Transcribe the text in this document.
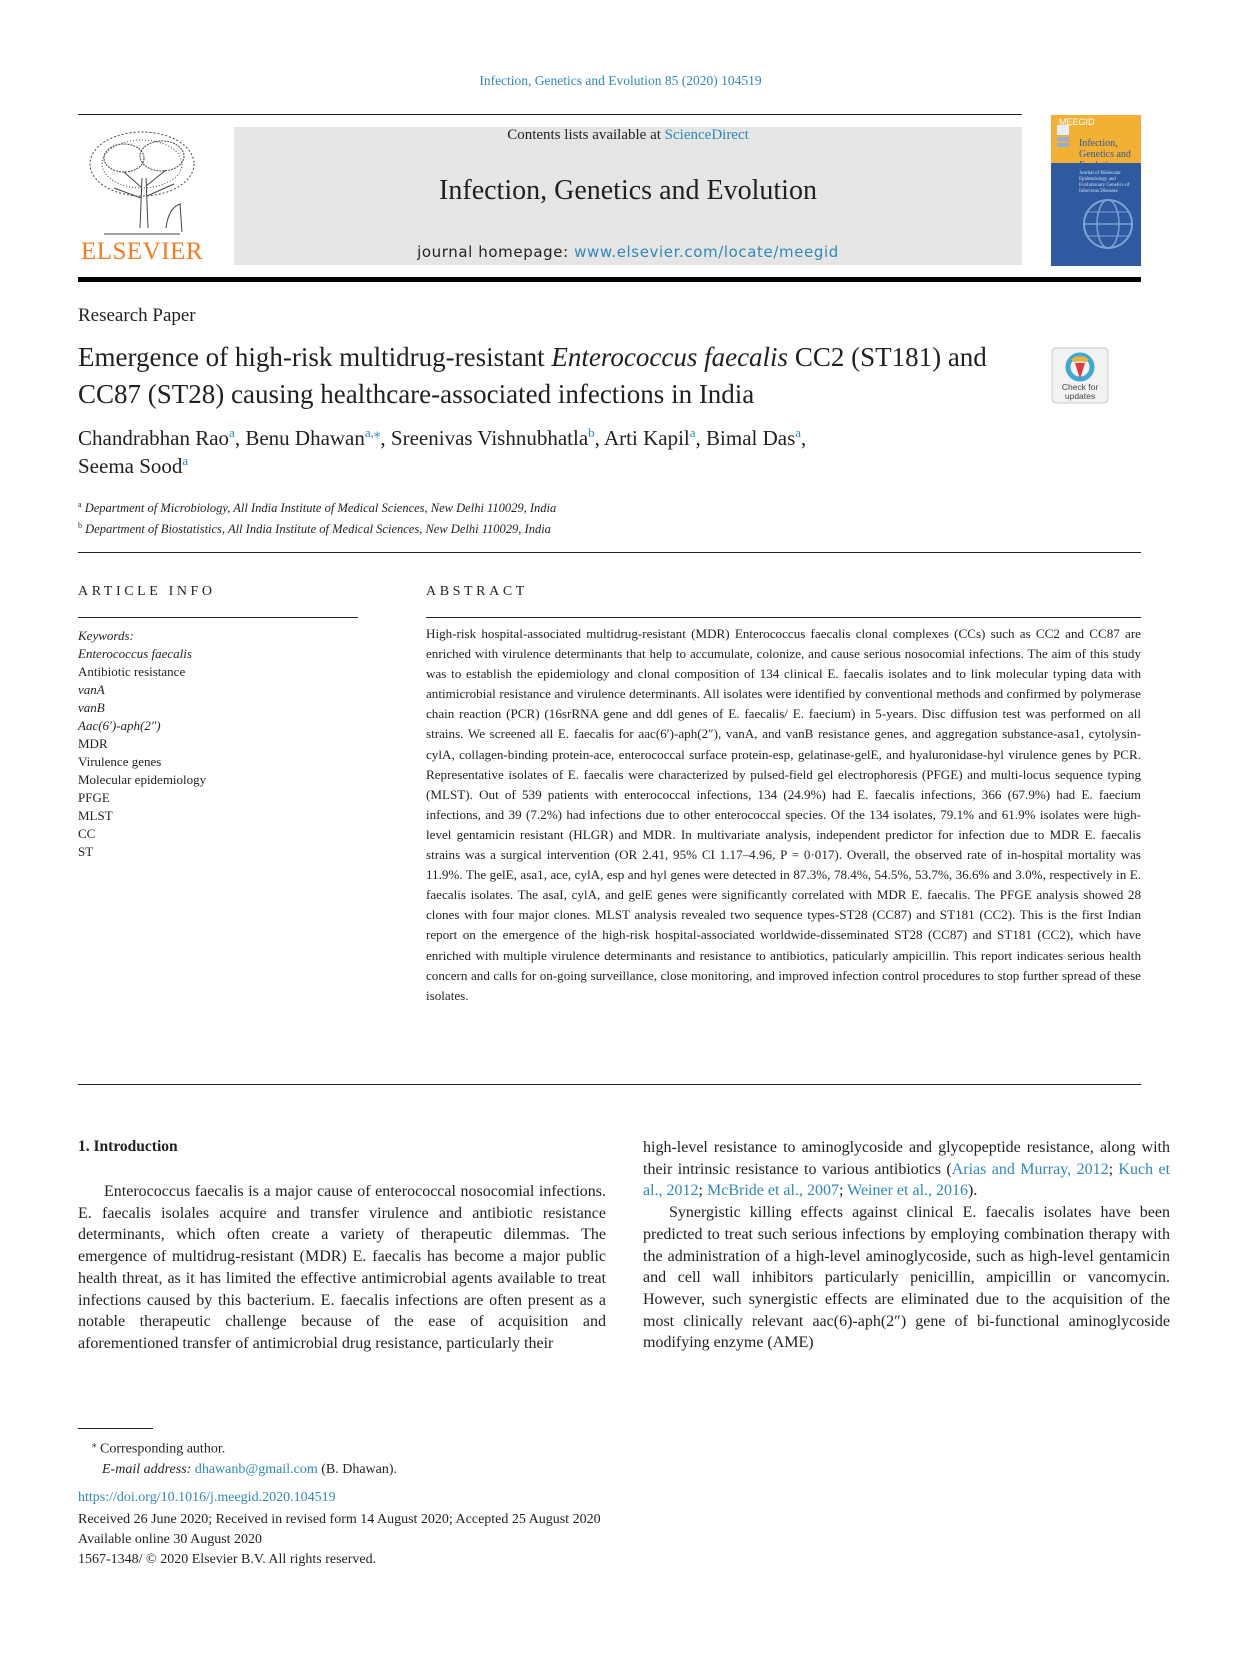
Infection, Genetics and Evolution 85 (2020) 104519
ELSEVIER
Contents lists available at ScienceDirect
Infection, Genetics and Evolution
journal homepage: www.elsevier.com/locate/meegid
MEEGID
Infection, Genetics and Evolution
Journal of Molecular Epidemiology and Evolutionary Genetics of Infectious Diseases
Research Paper
Emergence of high-risk multidrug-resistant Enterococcus faecalis CC2 (ST181) and CC87 (ST28) causing healthcare-associated infections in India	Check for updates
Chandrabhan Rao$^a$, Benu Dhawan$^{a,⁎}$, Sreenivas Vishnubhatla$^b$, Arti Kapil$^a$, Bimal Das$^a$,
Seema Sood$^a$
$^a$ Department of Microbiology, All India Institute of Medical Sciences, New Delhi 110029, India
$^b$ Department of Biostatistics, All India Institute of Medical Sciences, New Delhi 110029, India
ARTICLE INFO
Keywords:
Enterococcus faecalis
Antibiotic resistance
vanA
vanB
Aac(6′)-aph(2″)
MDR
Virulence genes
Molecular epidemiology
PFGE
MLST
CC
ST
ABSTRACT
High-risk hospital-associated multidrug-resistant (MDR) Enterococcus faecalis clonal complexes (CCs) such as CC2 and CC87 are enriched with virulence determinants that help to accumulate, colonize, and cause serious nosocomial infections. The aim of this study was to establish the epidemiology and clonal composition of 134 clinical E. faecalis isolates and to link molecular typing data with antimicrobial resistance and virulence determinants. All isolates were identified by conventional methods and confirmed by polymerase chain reaction (PCR) (16srRNA gene and ddl genes of E. faecalis/ E. faecium) in 5-years. Disc diffusion test was performed on all strains. We screened all E. faecalis for aac(6′)-aph(2″), vanA, and vanB resistance genes, and aggregation substance-asa1, cytolysin-cylA, collagen-binding protein-ace, enterococcal surface protein-esp, gelatinase-gelE, and hyaluronidase-hyl virulence genes by PCR. Representative isolates of E. faecalis were characterized by pulsed-field gel electrophoresis (PFGE) and multi-locus sequence typing (MLST). Out of 539 patients with enterococcal infections, 134 (24.9%) had E. faecalis infections, 366 (67.9%) had E. faecium infections, and 39 (7.2%) had infections due to other enterococcal species. Of the 134 isolates, 79.1% and 61.9% isolates were high-level gentamicin resistant (HLGR) and MDR. In multivariate analysis, independent predictor for infection due to MDR E. faecalis strains was a surgical intervention (OR 2.41, 95% CI 1.17–4.96, P = 0·017). Overall, the observed rate of in-hospital mortality was 11.9%. The gelE, asa1, ace, cylA, esp and hyl genes were detected in 87.3%, 78.4%, 54.5%, 53.7%, 36.6% and 3.0%, respectively in E. faecalis isolates. The asaI, cylA, and gelE genes were significantly correlated with MDR E. faecalis. The PFGE analysis showed 28 clones with four major clones. MLST analysis revealed two sequence types-ST28 (CC87) and ST181 (CC2). This is the first Indian report on the emergence of the high-risk hospital-associated worldwide-disseminated ST28 (CC87) and ST181 (CC2), which have enriched with multiple virulence determinants and resistance to antibiotics, paticularly ampicillin. This report indicates serious health concern and calls for on-going surveillance, close monitoring, and improved infection control procedures to stop further spread of these isolates.
1. Introduction

Enterococcus faecalis is a major cause of enterococcal nosocomial infections. E. faecalis isolales acquire and transfer virulence and antibiotic resistance determinants, which often create a variety of therapeutic dilemmas. The emergence of multidrug-resistant (MDR) E. faecalis has become a major public health threat, as it has limited the effective antimicrobial agents available to treat infections caused by this bacterium. E. faecalis infections are often present as a notable therapeutic challenge because of the ease of acquisition and aforementioned transfer of antimicrobial drug resistance, particularly their

high-level resistance to aminoglycoside and glycopeptide resistance, along with their intrinsic resistance to various antibiotics (Arias and Murray, 2012; Kuch et al., 2012; McBride et al., 2007; Weiner et al., 2016).

Synergistic killing effects against clinical E. faecalis isolates have been predicted to treat such serious infections by employing combination therapy with the administration of a high-level aminoglycoside, such as high-level gentamicin and cell wall inhibitors particularly penicillin, ampicillin or vancomycin. However, such synergistic effects are eliminated due to the acquisition of the most clinically relevant aac(6)-aph(2″) gene of bi-functional aminoglycoside modifying enzyme (AME)

⁎ Corresponding author.
E-mail address: dhawanb@gmail.com (B. Dhawan).
https://doi.org/10.1016/j.meegid.2020.104519
Received 26 June 2020; Received in revised form 14 August 2020; Accepted 25 August 2020
Available online 30 August 2020
1567-1348/ © 2020 Elsevier B.V. All rights reserved.
